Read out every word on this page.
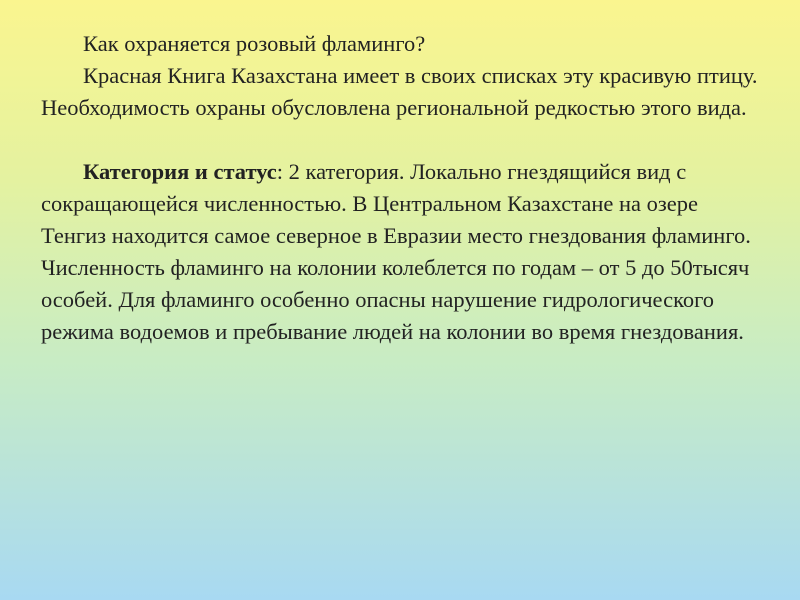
Как охраняется розовый фламинго?

Красная Книга Казахстана имеет в своих списках эту красивую птицу. Необходимость охраны обусловлена региональной редкостью этого вида.

Категория и статус: 2 категория. Локально гнездящийся вид с сокращающейся численностью. В Центральном Казахстане на озере Тенгиз находится самое северное в Евразии место гнездования фламинго. Численность фламинго на колонии колеблется по годам – от 5 до 50тысяч особей. Для фламинго особенно опасны нарушение гидрологического режима водоемов и пребывание людей на колонии во время гнездования.
